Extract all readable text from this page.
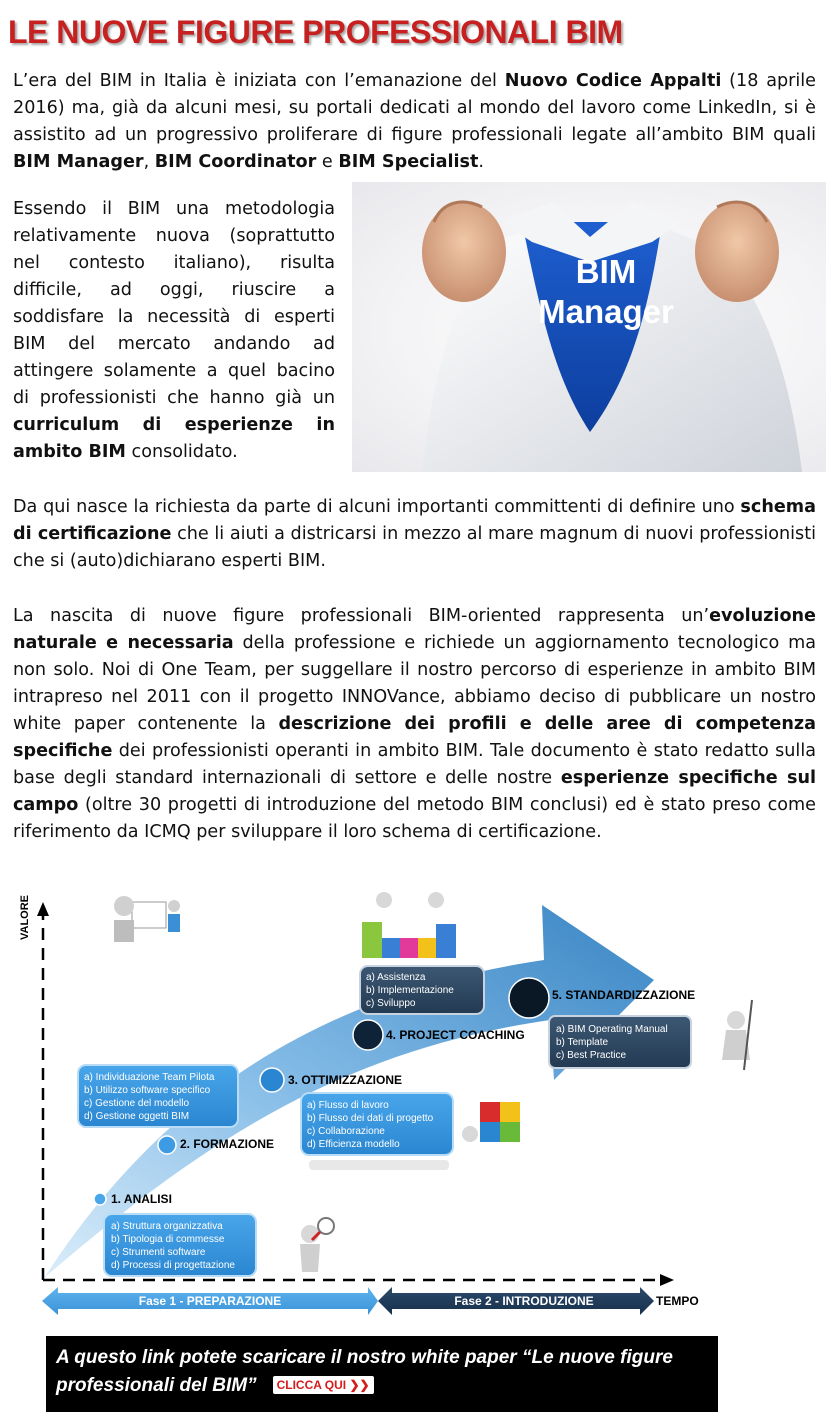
LE NUOVE FIGURE PROFESSIONALI BIM
L’era del BIM in Italia è iniziata con l’emanazione del Nuovo Codice Appalti (18 aprile 2016) ma, già da alcuni mesi, su portali dedicati al mondo del lavoro come LinkedIn, si è assistito ad un progressivo proliferare di figure professionali legate all’ambito BIM quali BIM Manager, BIM Coordinator e BIM Specialist.
Essendo il BIM una metodologia relativamente nuova (soprattutto nel contesto italiano), risulta difficile, ad oggi, riuscire a soddisfare la necessità di esperti BIM del mercato andando ad attingere solamente a quel bacino di professionisti che hanno già un curriculum di esperienze in ambito BIM consolidato.
BIM
Manager
Da qui nasce la richiesta da parte di alcuni importanti committenti di definire uno schema di certificazione che li aiuti a districarsi in mezzo al mare magnum di nuovi professionisti che si (auto)dichiarano esperti BIM.
La nascita di nuove figure professionali BIM-oriented rappresenta un’evoluzione naturale e necessaria della professione e richiede un aggiornamento tecnologico ma non solo. Noi di One Team, per suggellare il nostro percorso di esperienze in ambito BIM intrapreso nel 2011 con il progetto INNOVance, abbiamo deciso di pubblicare un nostro white paper contenente la descrizione dei profili e delle aree di competenza specifiche dei professionisti operanti in ambito BIM. Tale documento è stato redatto sulla base degli standard internazionali di settore e delle nostre esperienze specifiche sul campo (oltre 30 progetti di introduzione del metodo BIM conclusi) ed è stato preso come riferimento da ICMQ per sviluppare il loro schema di certificazione.
VALORE
1. ANALISI
2. FORMAZIONE
3. OTTIMIZZAZIONE
4. PROJECT COACHING
5. STANDARDIZZAZIONE
a) Struttura organizzativa b) Tipologia di commesse c) Strumenti software d) Processi di progettazione
a) Individuazione Team Pilota b) Utilizzo software specifico c) Gestione del modello d) Gestione oggetti BIM
a) Flusso di lavoro b) Flusso dei dati di progetto c) Collaborazione d) Efficienza modello
a) Assistenza b) Implementazione c) Sviluppo
a) BIM Operating Manual b) Template c) Best Practice
Fase 1 - PREPARAZIONE	Fase 2 - INTRODUZIONE	TEMPO
A questo link potete scaricare il nostro white paper “Le nuove figure
professionali del BIM” CLICCA QUI ❯❯
